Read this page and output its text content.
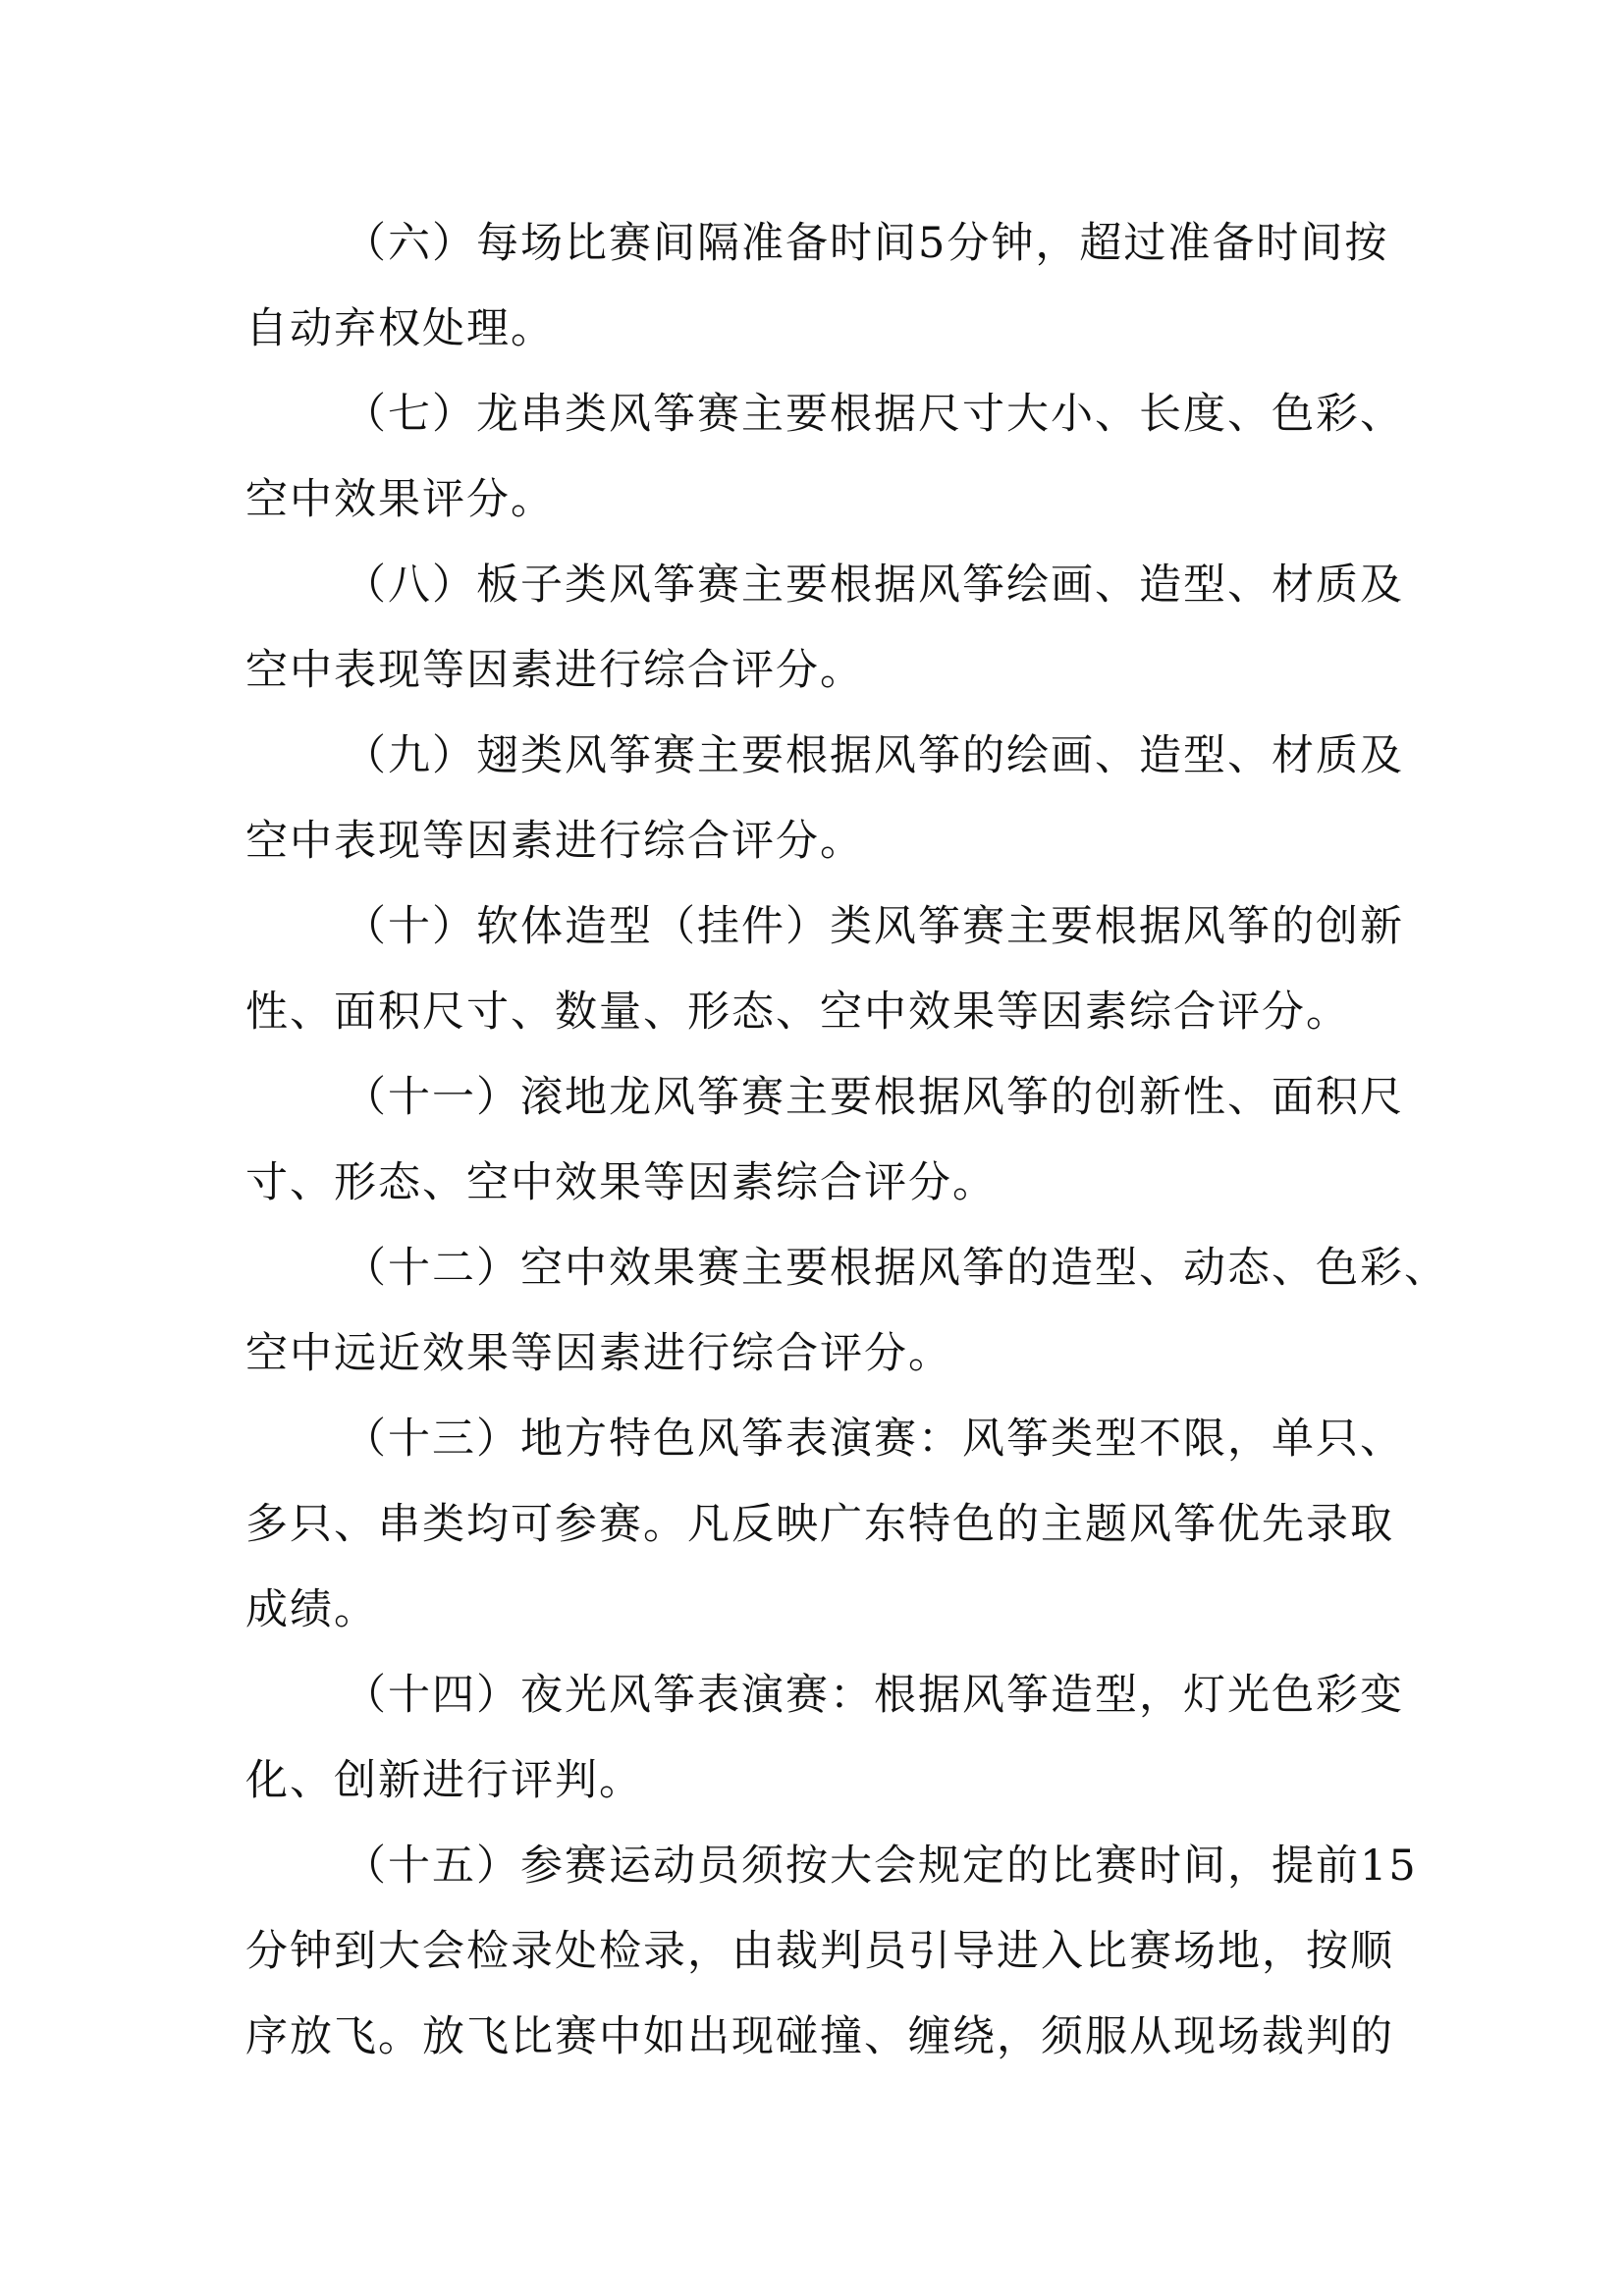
（六）每场比赛间隔准备时间5分钟，超过准备时间按
自动弃权处理。
（七）龙串类风筝赛主要根据尺寸大小、长度、色彩、
空中效果评分。
（八）板子类风筝赛主要根据风筝绘画、造型、材质及
空中表现等因素进行综合评分。
（九）翅类风筝赛主要根据风筝的绘画、造型、材质及
空中表现等因素进行综合评分。
（十）软体造型（挂件）类风筝赛主要根据风筝的创新
性、面积尺寸、数量、形态、空中效果等因素综合评分。
（十一）滚地龙风筝赛主要根据风筝的创新性、面积尺
寸、形态、空中效果等因素综合评分。
（十二）空中效果赛主要根据风筝的造型、动态、色彩、
空中远近效果等因素进行综合评分。
（十三）地方特色风筝表演赛：风筝类型不限，单只、
多只、串类均可参赛。凡反映广东特色的主题风筝优先录取
成绩。
（十四）夜光风筝表演赛：根据风筝造型，灯光色彩变
化、创新进行评判。
（十五）参赛运动员须按大会规定的比赛时间，提前15
分钟到大会检录处检录，由裁判员引导进入比赛场地，按顺
序放飞。放飞比赛中如出现碰撞、缠绕，须服从现场裁判的
